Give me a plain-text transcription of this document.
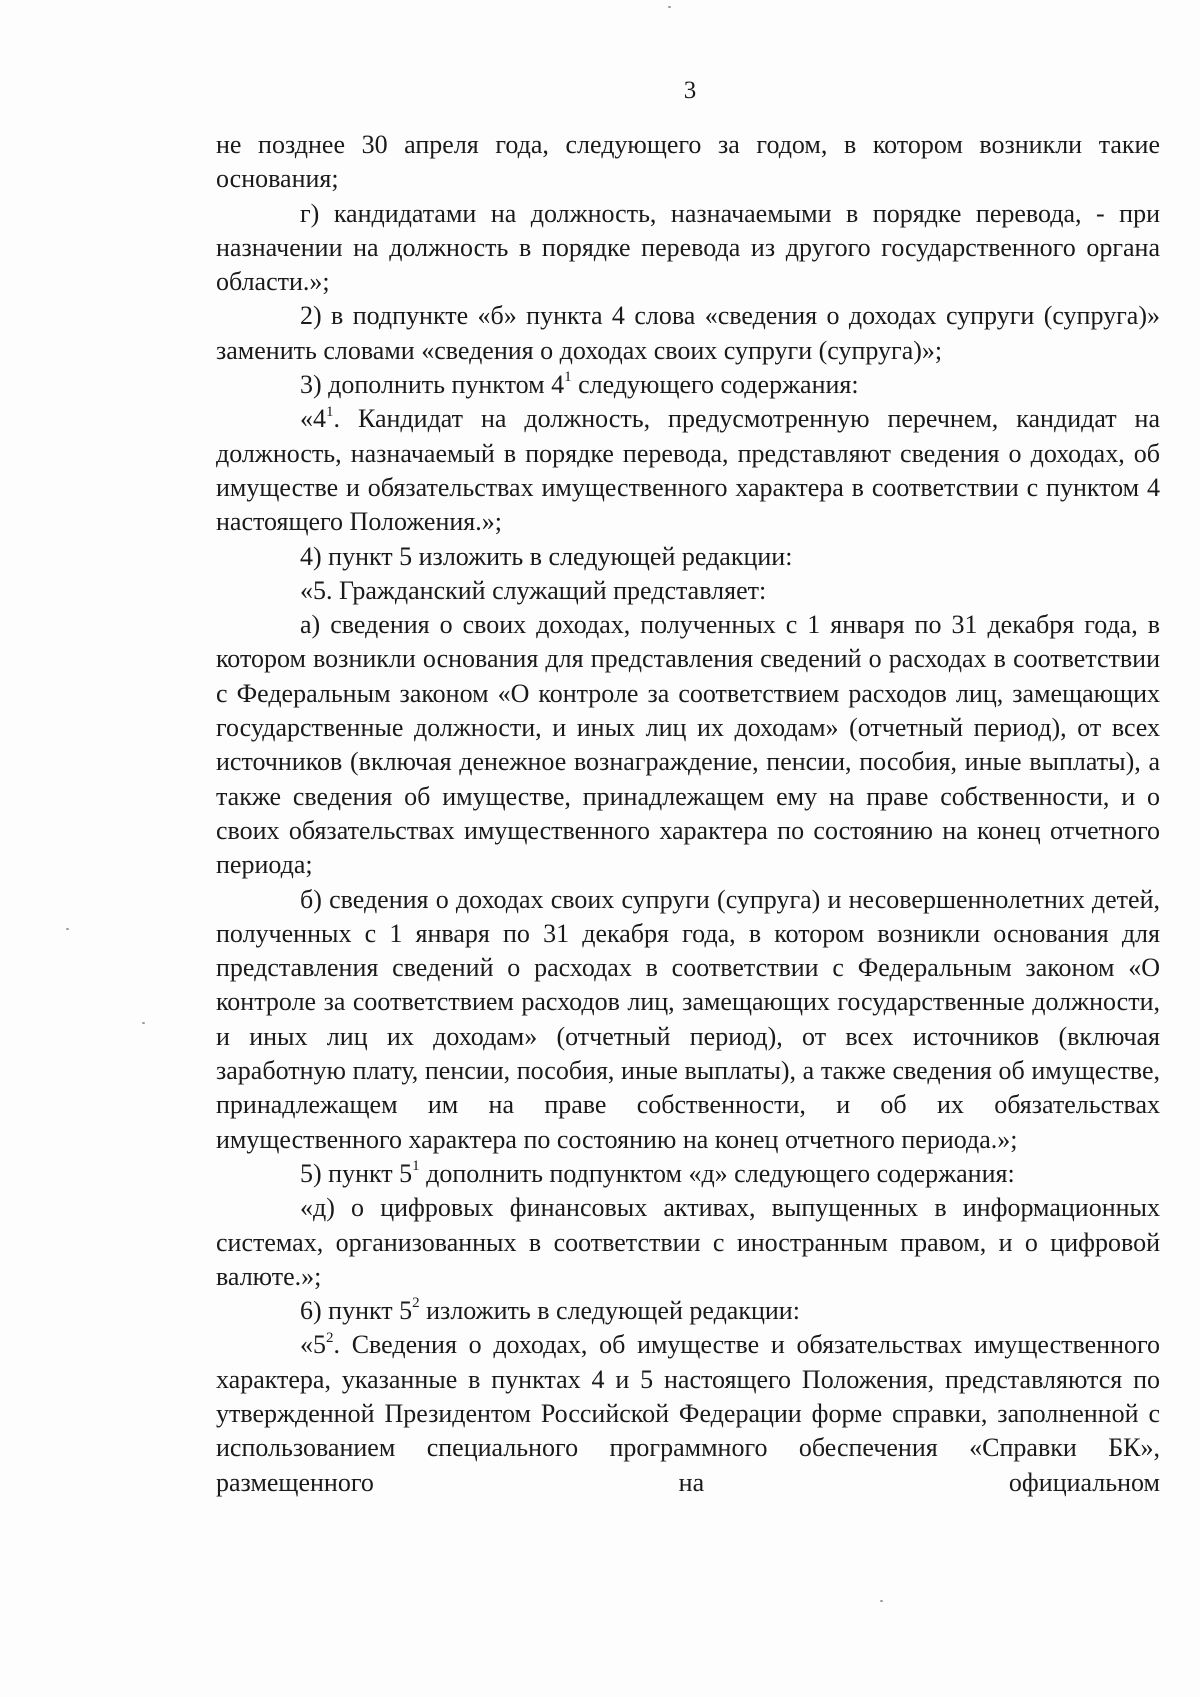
3

не позднее 30 апреля года, следующего за годом, в котором возникли такие основания;

г) кандидатами на должность, назначаемыми в порядке перевода, - при назначении на должность в порядке перевода из другого государственного органа области.»;

2) в подпункте «б» пункта 4 слова «сведения о доходах супруги (супруга)» заменить словами «сведения о доходах своих супруги (супруга)»;

3) дополнить пунктом $4^1$ следующего содержания:

«$4^1$. Кандидат на должность, предусмотренную перечнем, кандидат на должность, назначаемый в порядке перевода, представляют сведения о доходах, об имуществе и обязательствах имущественного характера в соответствии с пунктом 4 настоящего Положения.»;

4) пункт 5 изложить в следующей редакции:

«5. Гражданский служащий представляет:

а) сведения о своих доходах, полученных с 1 января по 31 декабря года, в котором возникли основания для представления сведений о расходах в соответствии с Федеральным законом «О контроле за соответствием расходов лиц, замещающих государственные должности, и иных лиц их доходам» (отчетный период), от всех источников (включая денежное вознаграждение, пенсии, пособия, иные выплаты), а также сведения об имуществе, принадлежащем ему на праве собственности, и о своих обязательствах имущественного характера по состоянию на конец отчетного периода;

б) сведения о доходах своих супруги (супруга) и несовершеннолетних детей, полученных с 1 января по 31 декабря года, в котором возникли основания для представления сведений о расходах в соответствии с Федеральным законом «О контроле за соответствием расходов лиц, замещающих государственные должности, и иных лиц их доходам» (отчетный период), от всех источников (включая заработную плату, пенсии, пособия, иные выплаты), а также сведения об имуществе, принадлежащем им на праве собственности, и об их обязательствах имущественного характера по состоянию на конец отчетного периода.»;

5) пункт $5^1$ дополнить подпунктом «д» следующего содержания:

«д) о цифровых финансовых активах, выпущенных в информационных системах, организованных в соответствии с иностранным правом, и о цифровой валюте.»;

6) пункт $5^2$ изложить в следующей редакции:

«$5^2$. Сведения о доходах, об имуществе и обязательствах имущественного характера, указанные в пунктах 4 и 5 настоящего Положения, представляются по утвержденной Президентом Российской Федерации форме справки, заполненной с использованием специального программного обеспечения «Справки БК», размещенного на официальном
